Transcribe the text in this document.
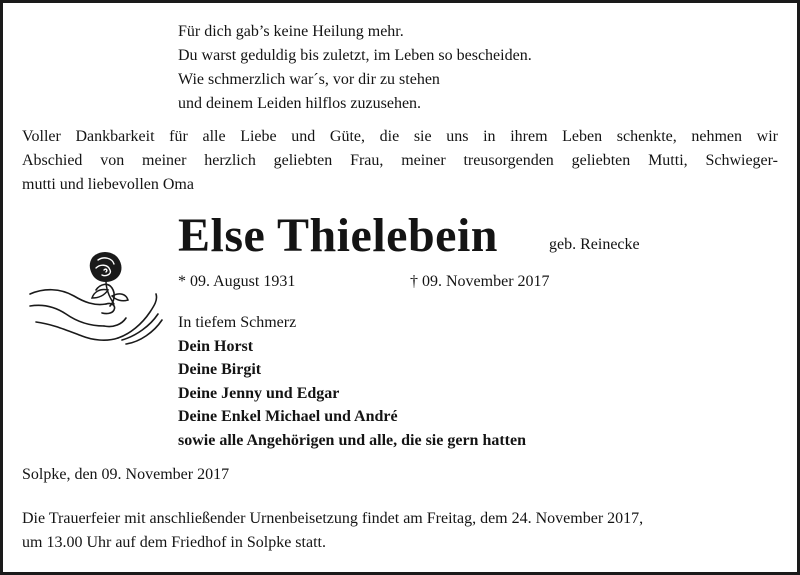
Für dich gab’s keine Heilung mehr.
Du warst geduldig bis zuletzt, im Leben so bescheiden.
Wie schmerzlich war´s, vor dir zu stehen
und deinem Leiden hilflos zuzusehen.
Voller Dankbarkeit für alle Liebe und Güte, die sie uns in ihrem Leben schenkte, nehmen wir
Abschied von meiner herzlich geliebten Frau, meiner treusorgenden geliebten Mutti, Schwieger-
mutti und liebevollen Oma
Else Thielebein	geb. Reinecke
* 09. August 1931	† 09. November 2017
In tiefem Schmerz
Dein Horst
Deine Birgit
Deine Jenny und Edgar
Deine Enkel Michael und André
sowie alle Angehörigen und alle, die sie gern hatten
Solpke, den 09. November 2017
Die Trauerfeier mit anschließender Urnenbeisetzung findet am Freitag, dem 24. November 2017,
um 13.00 Uhr auf dem Friedhof in Solpke statt.
